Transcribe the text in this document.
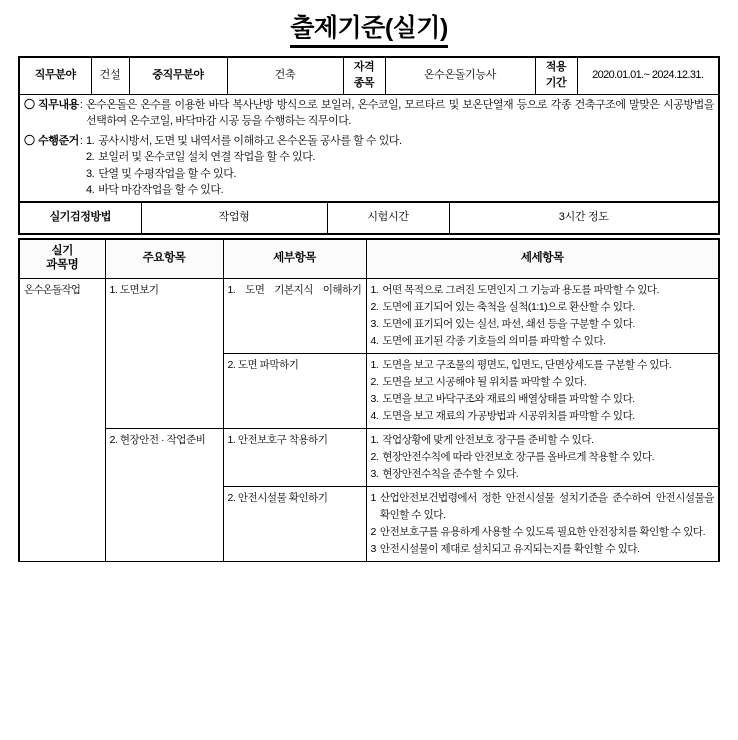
출제기준(실기)
직무분야	건설	중직무분야	건축	
자격
종목
	온수온돌기능사	
적용
기간
	2020.01.01.~ 2024.12.31.

〇 직무내용 : 온수온돌은 온수를 이용한 바닥 복사난방 방식으로 보일러, 온수코일, 모르타르 및 보온단열재 등으로 각종 건축구조에 말맞은 시공방법을 선택하여 온수코일, 바닥마감 시공 등을 수행하는 직무이다.
〇 수행준거 : 1. 공사시방서, 도면 및 내역서를 이해하고 온수온돌 공사를 할 수 있다.
2. 보일러 및 온수코일 설치 연결 작업을 할 수 있다.
3. 단열 및 수평작업을 할 수 있다.
4. 바닥 마감작업을 할 수 있다.
실기검정방법	작업형	시험시간	3시간 정도
실기
과목명	주요항목	세부항목	세세항목
온수온돌작업	1. 도면보기	1. 도면 기본지식 이해하기	1. 어떤 목적으로 그려진 도면인지 그 기능과 용도를 파막할 수 있다.
2. 도면에 표기되어 있는 축척을 실척(1:1)으로 환산할 수 있다.
3. 도면에 표기되어 있는 실선, 파선, 쇄선 등을 구분할 수 있다.
4. 도면에 표기된 각종 기호들의 의미를 파막할 수 있다.

2. 도면 파막하기	1. 도면을 보고 구조물의 평면도, 입면도, 단면상세도를 구분할 수 있다.
2. 도면을 보고 시공해야 될 위치를 파막할 수 있다.
3. 도면을 보고 바닥구조와 재료의 배열상태를 파막할 수 있다.
4. 도면을 보고 재료의 가공방법과 시공위치를 파막할 수 있다.

2. 현장안전 · 작업준비	1. 안전보호구 착용하기	1. 작업상황에 맞게 안전보호 장구를 준비할 수 있다.
2. 현장안전수칙에 따라 안전보호 장구를 올바르게 착용할 수 있다.
3. 현장안전수칙을 준수할 수 있다.

2. 안전시설물 확인하기	1 산업안전보건법령에서 정한 안전시설물 설치기준을 준수하여 안전시설물을 확인할 수 있다.
2 안전보호구를 유용하게 사용할 수 있도록 필요한 안전장치를 확인할 수 있다.
3 안전시설물이 제대로 설치되고 유지되는지를 확인할 수 있다.
